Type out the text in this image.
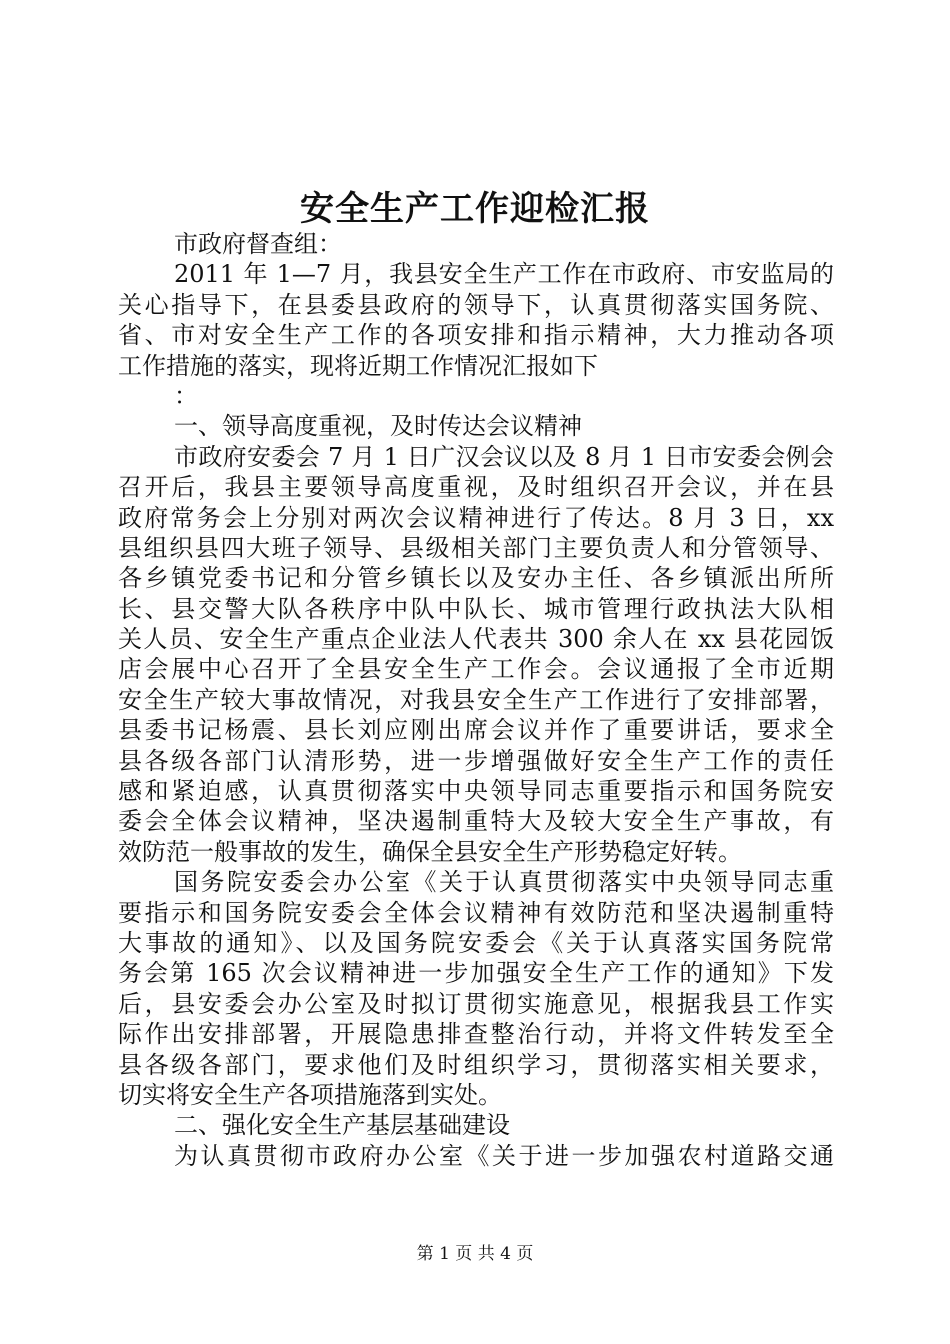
安全生产工作迎检汇报
市政府督查组：
2011 年 1—7 月，我县安全生产工作在市政府、市安监局的
关心指导下，在县委县政府的领导下，认真贯彻落实国务院、
省、市对安全生产工作的各项安排和指示精神，大力推动各项
工作措施的落实，现将近期工作情况汇报如下
：
一、领导高度重视，及时传达会议精神
市政府安委会 7 月 1 日广汉会议以及 8 月 1 日市安委会例会
召开后，我县主要领导高度重视，及时组织召开会议，并在县
政府常务会上分别对两次会议精神进行了传达。8 月 3 日，xx
县组织县四大班子领导、县级相关部门主要负责人和分管领导、
各乡镇党委书记和分管乡镇长以及安办主任、各乡镇派出所所
长、县交警大队各秩序中队中队长、城市管理行政执法大队相
关人员、安全生产重点企业法人代表共 300 余人在 xx 县花园饭
店会展中心召开了全县安全生产工作会。会议通报了全市近期
安全生产较大事故情况，对我县安全生产工作进行了安排部署，
县委书记杨震、县长刘应刚出席会议并作了重要讲话，要求全
县各级各部门认清形势，进一步增强做好安全生产工作的责任
感和紧迫感，认真贯彻落实中央领导同志重要指示和国务院安
委会全体会议精神，坚决遏制重特大及较大安全生产事故，有
效防范一般事故的发生，确保全县安全生产形势稳定好转。
国务院安委会办公室《关于认真贯彻落实中央领导同志重
要指示和国务院安委会全体会议精神有效防范和坚决遏制重特
大事故的通知》、以及国务院安委会《关于认真落实国务院常
务会第 165 次会议精神进一步加强安全生产工作的通知》下发
后，县安委会办公室及时拟订贯彻实施意见，根据我县工作实
际作出安排部署，开展隐患排查整治行动，并将文件转发至全
县各级各部门，要求他们及时组织学习，贯彻落实相关要求，
切实将安全生产各项措施落到实处。
二、强化安全生产基层基础建设
为认真贯彻市政府办公室《关于进一步加强农村道路交通
第 1 页 共 4 页
